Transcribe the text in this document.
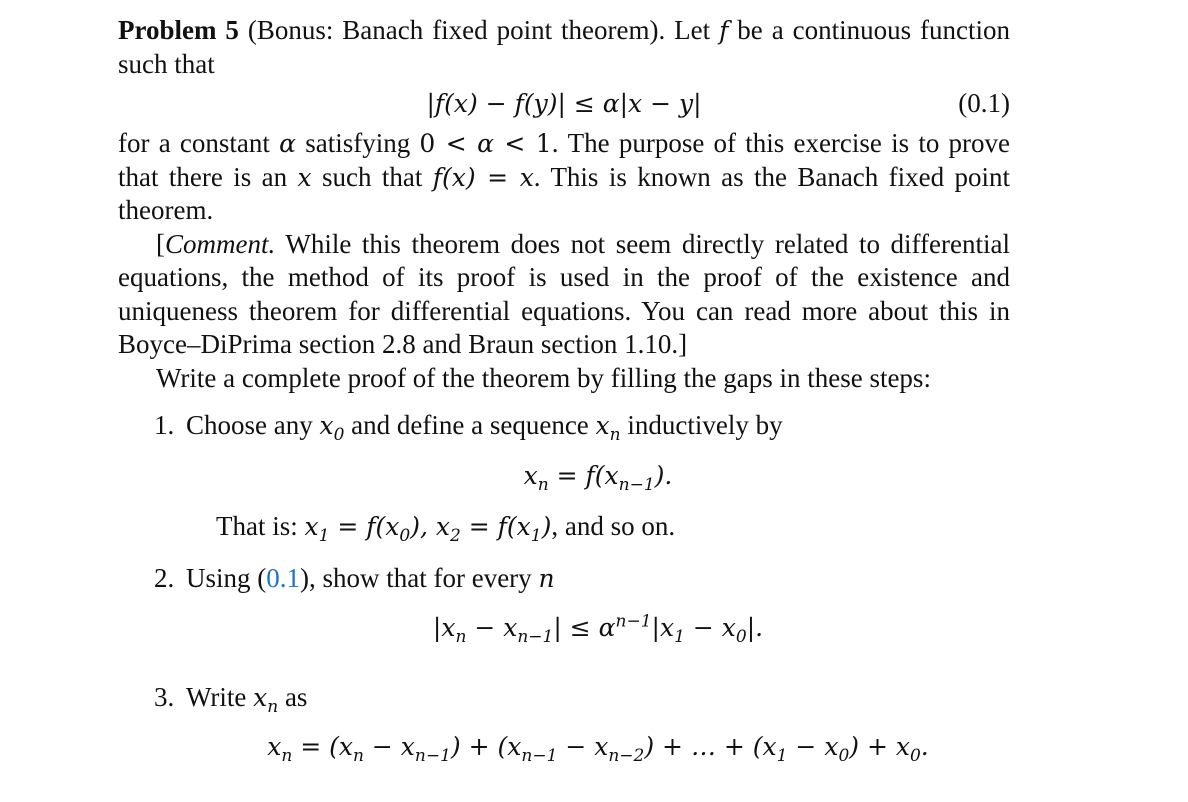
Problem 5 (Bonus: Banach fixed point theorem). Let f be a continuous function such that

|f(x) − f(y)| ≤ α|x − y|	(0.1)

for a constant α satisfying 0 < α < 1. The purpose of this exercise is to prove that there is an x such that f(x) = x. This is known as the Banach fixed point theorem.

[Comment. While this theorem does not seem directly related to differential equations, the method of its proof is used in the proof of the existence and uniqueness theorem for differential equations. You can read more about this in Boyce–DiPrima section 2.8 and Braun section 1.10.]

Write a complete proof of the theorem by filling the gaps in these steps:

1. Choose any $x_0$ and define a sequence $x_n$ inductively by
$x_n = f(x_{n-1})$.
That is: $x_1 = f(x_0)$, $x_2 = f(x_1)$, and so on.
2. Using (0.1), show that for every n
$|x_n - x_{n-1}| \le \alpha^{n-1}|x_1 - x_0|$.
3. Write $x_n$ as
$x_n = (x_n - x_{n-1}) + (x_{n-1} - x_{n-2})$ + … + $(x_1 - x_0) + x_0$.
